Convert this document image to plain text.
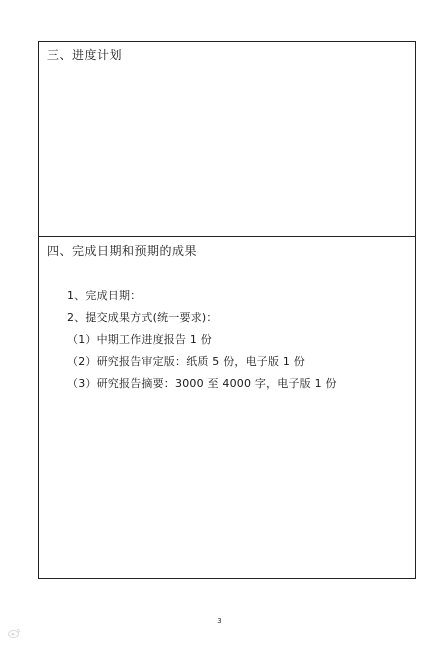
三、进度计划
四、完成日期和预期的成果
1、完成日期：
2、提交成果方式(统一要求)：
（1）中期工作进度报告 1 份
（2）研究报告审定版：纸质 5 份，电子版 1 份
（3）研究报告摘要：3000 至 4000 字，电子版 1 份
3
